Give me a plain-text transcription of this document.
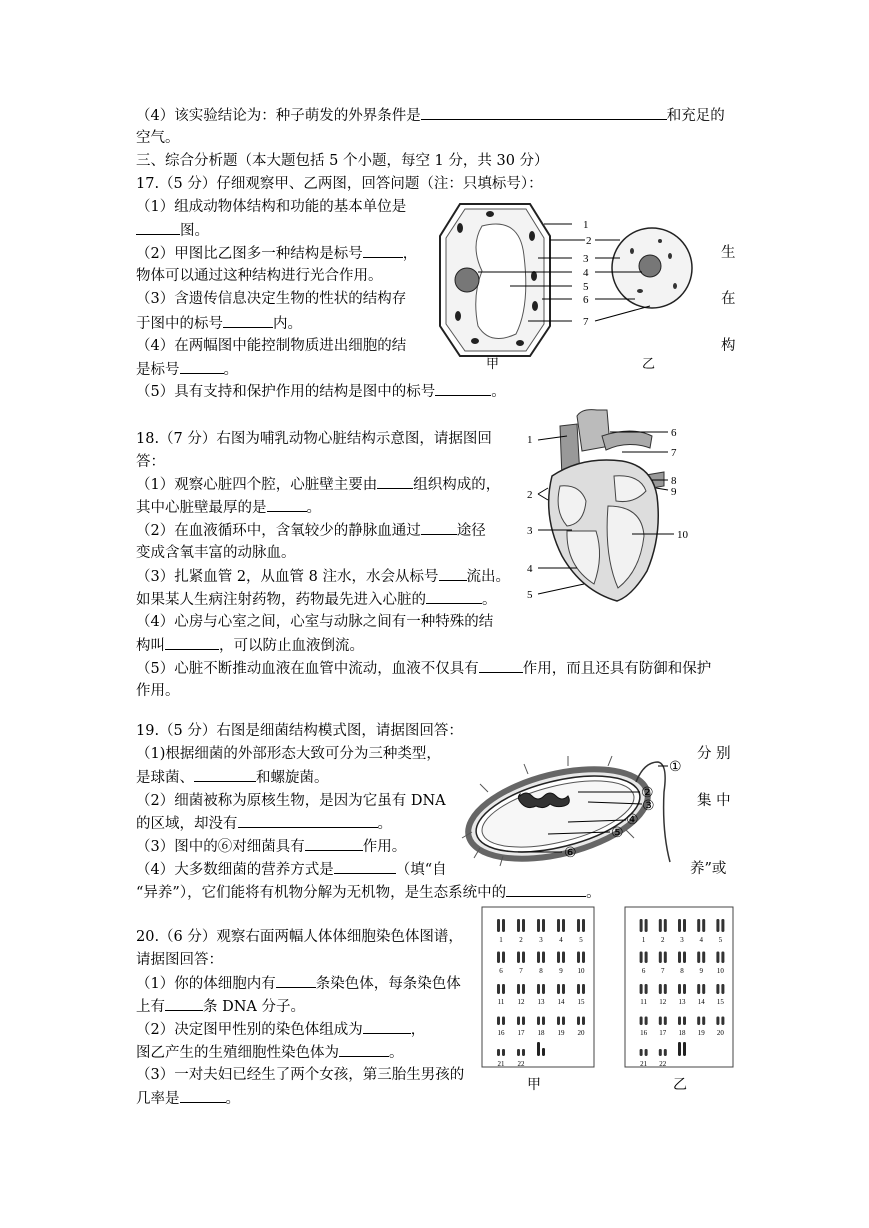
（4）该实验结论为：种子萌发的外界条件是	和充足的
空气。
三、综合分析题（本大题包括 5 个小题，每空 1 分，共 30 分）
17.（5 分）仔细观察甲、乙两图，回答问题（注：只填标号）：
（1）组成动物体结构和功能的基本单位是
图。
（2）甲图比乙图多一种结构是标号	，	生
物体可以通过这种结构进行光合作用。
（3）含遗传信息决定生物的性状的结构存	在
于图中的标号	内。
（4）在两幅图中能控制物质进出细胞的结	构
是标号	。
（5）具有支持和保护作用的结构是图中的标号	。
1
2
3
4
5
6
7
甲	乙
18.（7 分）右图为哺乳动物心脏结构示意图，请据图回
答：
（1）观察心脏四个腔，心脏壁主要由 组织构成的，
其中心脏壁最厚的是	。
（2）在血液循环中，含氧较少的静脉血通过 途径
变成含氧丰富的动脉血。
（3）扎紧血管 2，从血管 8 注水，水会从标号 流出。
如果某人生病注射药物，药物最先进入心脏的	。
（4）心房与心室之间，心室与动脉之间有一种特殊的结
构叫	，可以防止血液倒流。
（5）心脏不断推动血液在血管中流动，血液不仅具有	作用，而且还具有防御和保护
作用。
1
2
3
4
5
6
7
8
9
10
19.（5 分）右图是细菌结构模式图，请据图回答：
（1)根据细菌的外部形态大致可分为三种类型，	分 别
是球菌、	和螺旋菌。
（2）细菌被称为原核生物，是因为它虽有 DNA	集 中
的区域，却没有	。
（3）图中的⑥对细菌具有	作用。
（4）大多数细菌的营养方式是	（填“自	养”或
“异养”），它们能将有机物分解为无机物，是生态系统中的	。
①
②
③
④
⑤
⑥
20.（6 分）观察右面两幅人体体细胞染色体图谱，
请据图回答：
（1）你的体细胞内有	条染色体，每条染色体
上有	条 DNA 分子。
（2）决定图甲性别的染色体组成为	，
图乙产生的生殖细胞性染色体为	。
（3）一对夫妇已经生了两个女孩，第三胎生男孩的
几率是	。
1 2 3 4 5
6 7 8 9 10
11 12 13 14 15
16 17 18 19 20
21 22
1 2 3 4 5
6 7 8 9 10
11 12 13 14 15
16 17 18 19 20
21 22
甲	乙
